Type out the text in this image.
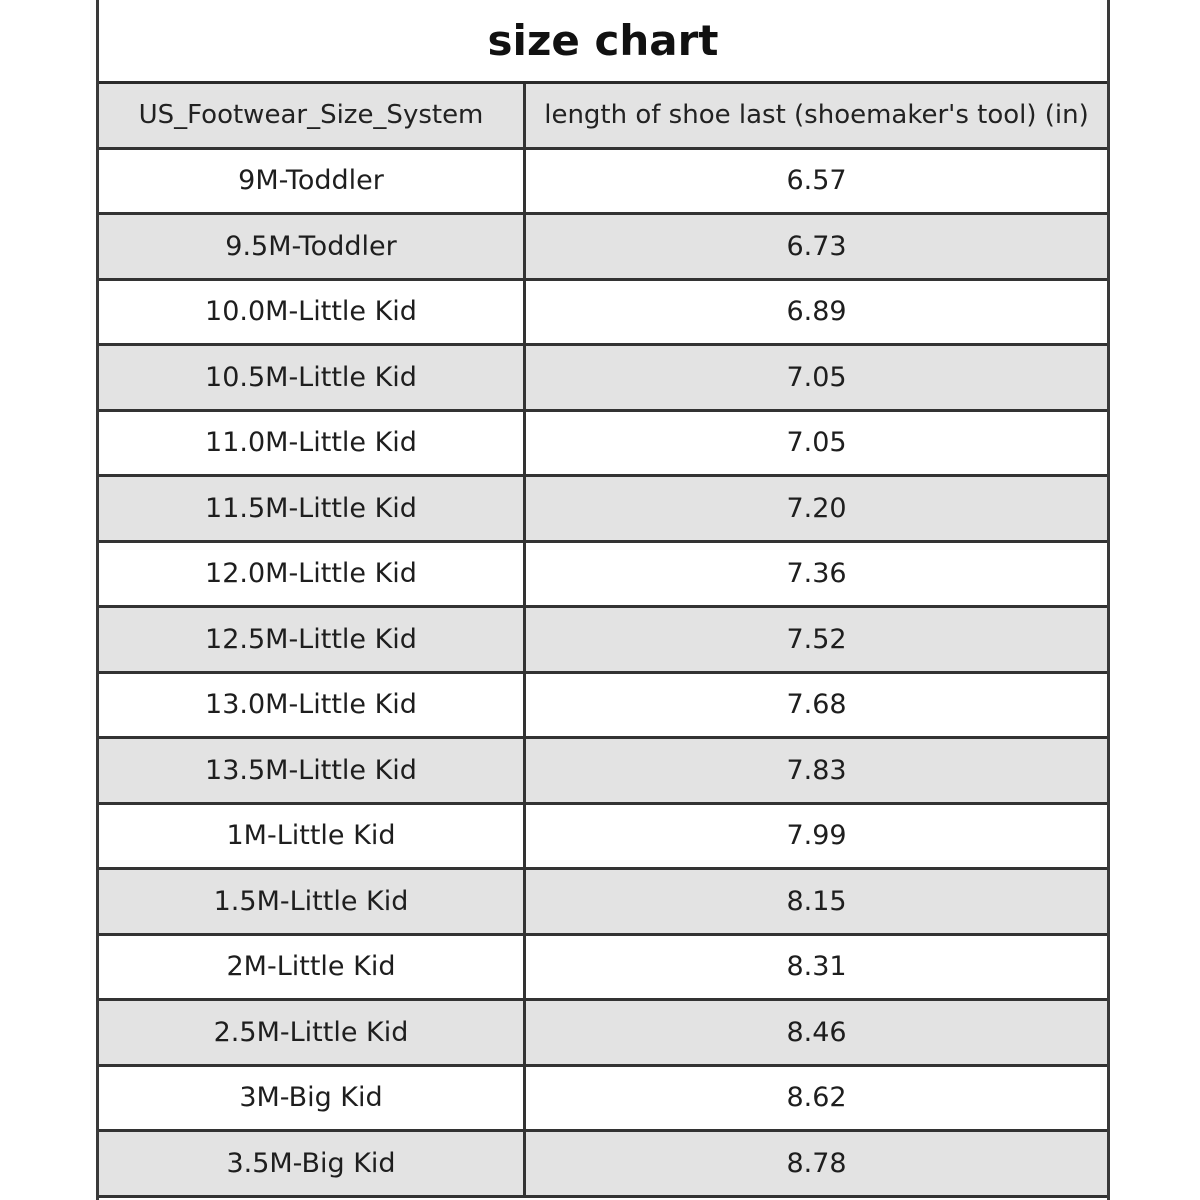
size chart
US_Footwear_Size_System	length of shoe last (shoemaker's tool) (in)
9M-Toddler	6.57
9.5M-Toddler	6.73
10.0M-Little Kid	6.89
10.5M-Little Kid	7.05
11.0M-Little Kid	7.05
11.5M-Little Kid	7.20
12.0M-Little Kid	7.36
12.5M-Little Kid	7.52
13.0M-Little Kid	7.68
13.5M-Little Kid	7.83
1M-Little Kid	7.99
1.5M-Little Kid	8.15
2M-Little Kid	8.31
2.5M-Little Kid	8.46
3M-Big Kid	8.62
3.5M-Big Kid	8.78
